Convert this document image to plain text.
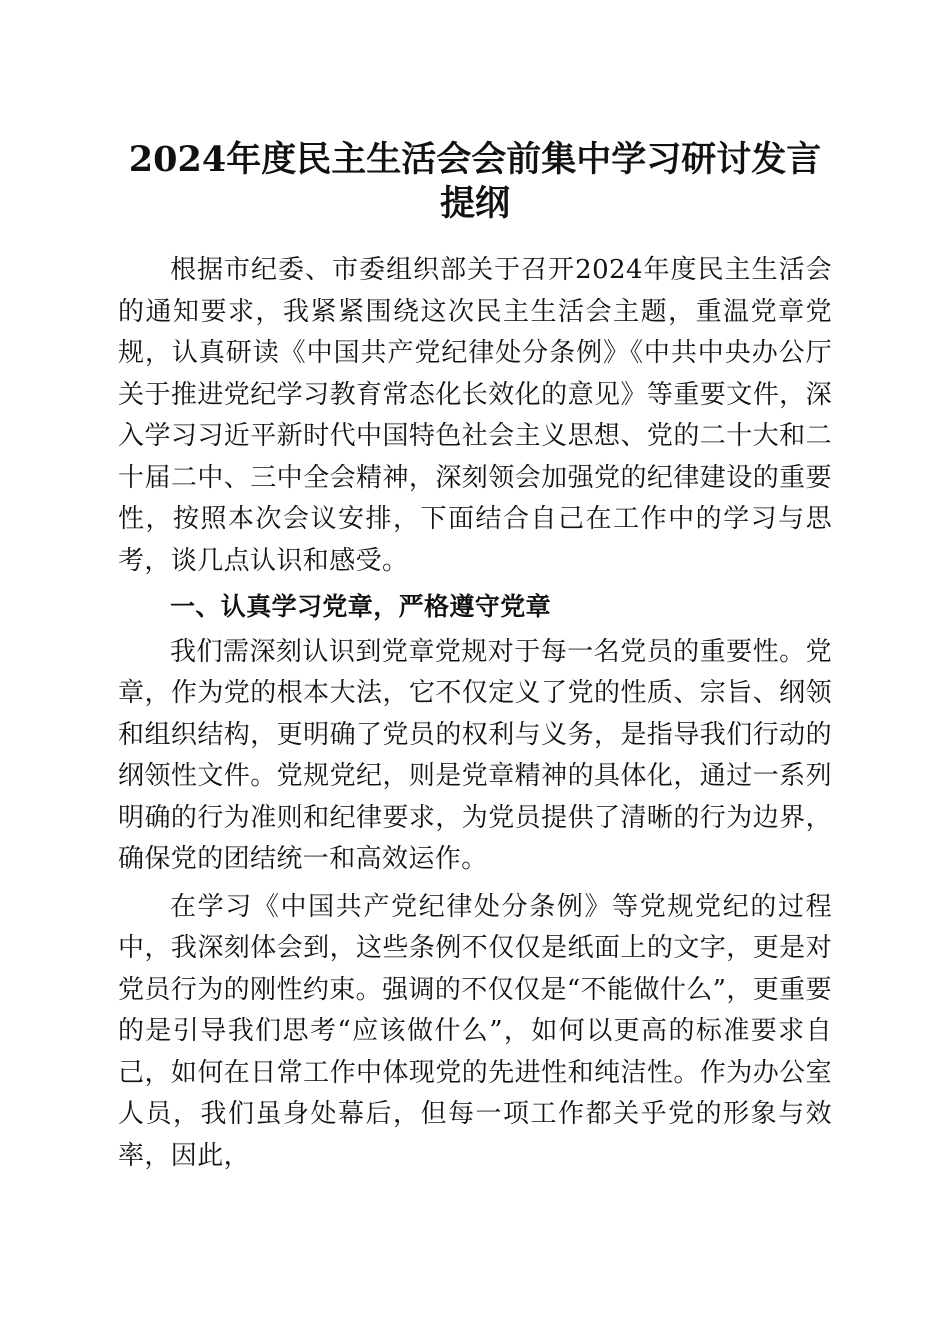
2024年度民主生活会会前集中学习研讨发言
提纲

根据市纪委、市委组织部关于召开2024年度民主生活会的通知要求，我紧紧围绕这次民主生活会主题，重温党章党规，认真研读《中国共产党纪律处分条例》《中共中央办公厅关于推进党纪学习教育常态化长效化的意见》等重要文件，深入学习习近平新时代中国特色社会主义思想、党的二十大和二十届二中、三中全会精神，深刻领会加强党的纪律建设的重要性，按照本次会议安排，下面结合自己在工作中的学习与思考，谈几点认识和感受。

一、认真学习党章，严格遵守党章

我们需深刻认识到党章党规对于每一名党员的重要性。党章，作为党的根本大法，它不仅定义了党的性质、宗旨、纲领和组织结构，更明确了党员的权利与义务，是指导我们行动的纲领性文件。党规党纪，则是党章精神的具体化，通过一系列明确的行为准则和纪律要求，为党员提供了清晰的行为边界，确保党的团结统一和高效运作。

在学习《中国共产党纪律处分条例》等党规党纪的过程中，我深刻体会到，这些条例不仅仅是纸面上的文字，更是对党员行为的刚性约束。强调的不仅仅是“不能做什么”，更重要的是引导我们思考“应该做什么”，如何以更高的标准要求自己，如何在日常工作中体现党的先进性和纯洁性。作为办公室人员，我们虽身处幕后，但每一项工作都关乎党的形象与效率，因此，
